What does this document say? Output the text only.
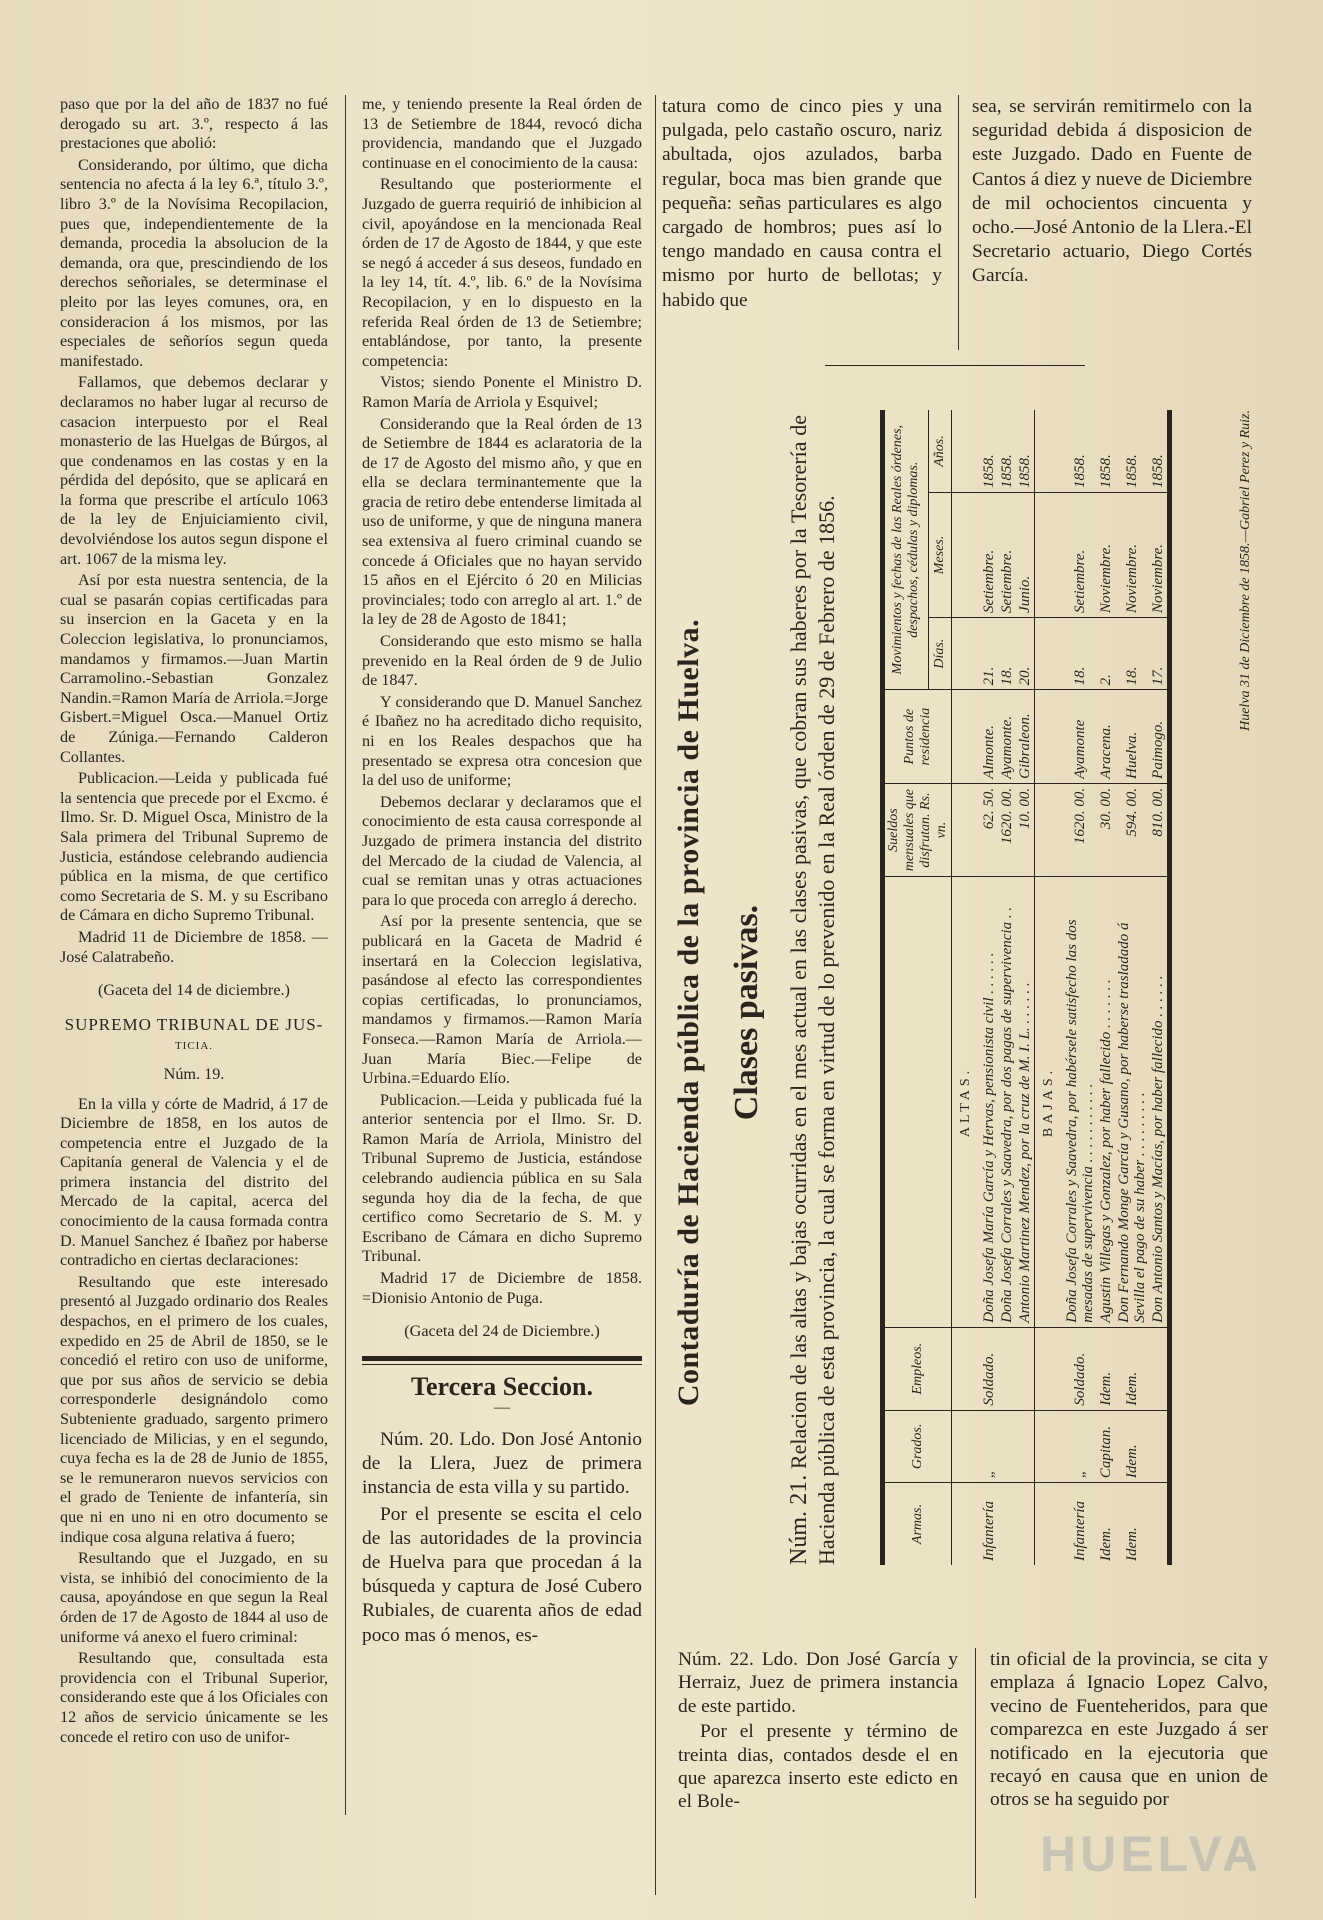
paso que por la del año de 1837 no fué derogado su art. 3.º, respecto á las prestaciones que abolió:

Considerando, por último, que dicha sentencia no afecta á la ley 6.ª, título 3.º, libro 3.º de la Novísima Recopilacion, pues que, independientemente de la demanda, procedia la absolucion de la demanda, ora que, prescindiendo de los derechos señoriales, se determinase el pleito por las leyes comunes, ora, en consideracion á los mismos, por las especiales de señoríos segun queda manifestado.

Fallamos, que debemos declarar y declaramos no haber lugar al recurso de casacion interpuesto por el Real monasterio de las Huelgas de Búrgos, al que condenamos en las costas y en la pérdida del depósito, que se aplicará en la forma que prescribe el artículo 1063 de la ley de Enjuiciamiento civil, devolviéndose los autos segun dispone el art. 1067 de la misma ley.

Así por esta nuestra sentencia, de la cual se pasarán copias certificadas para su insercion en la Gaceta y en la Coleccion legislativa, lo pronunciamos, mandamos y firmamos.—Juan Martin Carramolino.-Sebastian Gonzalez Nandin.=Ramon María de Arriola.=Jorge Gisbert.=Miguel Osca.—Manuel Ortiz de Zúniga.—Fernando Calderon Collantes.

Publicacion.—Leida y publicada fué la sentencia que precede por el Excmo. é Ilmo. Sr. D. Miguel Osca, Ministro de la Sala primera del Tribunal Supremo de Justicia, estándose celebrando audiencia pública en la misma, de que certifico como Secretaria de S. M. y su Escribano de Cámara en dicho Supremo Tribunal.

Madrid 11 de Diciembre de 1858. —José Calatrabeño.

(Gaceta del 14 de diciembre.)

SUPREMO TRIBUNAL DE JUS-
TICIA.

Núm. 19.

En la villa y córte de Madrid, á 17 de Diciembre de 1858, en los autos de competencia entre el Juzgado de la Capitanía general de Valencia y el de primera instancia del distrito del Mercado de la capital, acerca del conocimiento de la causa formada contra D. Manuel Sanchez é Ibañez por haberse contradicho en ciertas declaraciones:

Resultando que este interesado presentó al Juzgado ordinario dos Reales despachos, en el primero de los cuales, expedido en 25 de Abril de 1850, se le concedió el retiro con uso de uniforme, que por sus años de servicio se debia corresponderle designándolo como Subteniente graduado, sargento primero licenciado de Milicias, y en el segundo, cuya fecha es la de 28 de Junio de 1855, se le remuneraron nuevos servicios con el grado de Teniente de infantería, sin que ni en uno ni en otro documento se indique cosa alguna relativa á fuero;

Resultando que el Juzgado, en su vista, se inhibió del conocimiento de la causa, apoyándose en que segun la Real órden de 17 de Agosto de 1844 al uso de uniforme vá anexo el fuero criminal:

Resultando que, consultada esta providencia con el Tribunal Superior, considerando este que á los Oficiales con 12 años de servicio únicamente se les concede el retiro con uso de unifor-

me, y teniendo presente la Real órden de 13 de Setiembre de 1844, revocó dicha providencia, mandando que el Juzgado continuase en el conocimiento de la causa:

Resultando que posteriormente el Juzgado de guerra requirió de inhibicion al civil, apoyándose en la mencionada Real órden de 17 de Agosto de 1844, y que este se negó á acceder á sus deseos, fundado en la ley 14, tít. 4.º, lib. 6.º de la Novísima Recopilacion, y en lo dispuesto en la referida Real órden de 13 de Setiembre; entablándose, por tanto, la presente competencia:

Vistos; siendo Ponente el Ministro D. Ramon María de Arriola y Esquivel;

Considerando que la Real órden de 13 de Setiembre de 1844 es aclaratoria de la de 17 de Agosto del mismo año, y que en ella se declara terminantemente que la gracia de retiro debe entenderse limitada al uso de uniforme, y que de ninguna manera sea extensiva al fuero criminal cuando se concede á Oficiales que no hayan servido 15 años en el Ejército ó 20 en Milicias provinciales; todo con arreglo al art. 1.º de la ley de 28 de Agosto de 1841;

Considerando que esto mismo se halla prevenido en la Real órden de 9 de Julio de 1847.

Y considerando que D. Manuel Sanchez é Ibañez no ha acreditado dicho requisito, ni en los Reales despachos que ha presentado se expresa otra concesion que la del uso de uniforme;

Debemos declarar y declaramos que el conocimiento de esta causa corresponde al Juzgado de primera instancia del distrito del Mercado de la ciudad de Valencia, al cual se remitan unas y otras actuaciones para lo que proceda con arreglo á derecho.

Así por la presente sentencia, que se publicará en la Gaceta de Madrid é insertará en la Coleccion legislativa, pasándose al efecto las correspondientes copias certificadas, lo pronunciamos, mandamos y firmamos.—Ramon María Fonseca.—Ramon María de Arriola.—Juan María Biec.—Felipe de Urbina.=Eduardo Elío.

Publicacion.—Leida y publicada fué la anterior sentencia por el Ilmo. Sr. D. Ramon María de Arriola, Ministro del Tribunal Supremo de Justicia, estándose celebrando audiencia pública en su Sala segunda hoy dia de la fecha, de que certifico como Secretario de S. M. y Escribano de Cámara en dicho Supremo Tribunal.

Madrid 17 de Diciembre de 1858. =Dionisio Antonio de Puga.

(Gaceta del 24 de Diciembre.)

Tercera Seccion.

—

Núm. 20. Ldo. Don José Antonio de la Llera, Juez de primera instancia de esta villa y su partido.

Por el presente se escita el celo de las autoridades de la provincia de Huelva para que procedan á la búsqueda y captura de José Cubero Rubiales, de cuarenta años de edad poco mas ó menos, es-

tatura como de cinco pies y una pulgada, pelo castaño oscuro, nariz abultada, ojos azulados, barba regular, boca mas bien grande que pequeña: señas particulares es algo cargado de hombros; pues así lo tengo mandado en causa contra el mismo por hurto de bellotas; y habido que

sea, se servirán remitirmelo con la seguridad debida á disposicion de este Juzgado. Dado en Fuente de Cantos á diez y nueve de Diciembre de mil ochocientos cincuenta y ocho.—José Antonio de la Llera.-El Secretario actuario, Diego Cortés García.

Contaduría de Hacienda pública de la provincia de Huelva. Clases pasivas.
Núm. 21. Relacion de las altas y bajas ocurridas en el mes actual en las clases pasivas, que cobran sus haberes por la Tesorería de Hacienda pública de esta provincia, la cual se forma en virtud de lo prevenido en la Real órden de 29 de Febrero de 1856.	Armas.	Grados.	Empleos.		Sueldos mensuales que disfrutan. Rs. vn.	Puntos de residencia	Movimientos y fechas de las Reales órdenes, despachos, cédulas y diplomas.		
						Días.	Meses.	Años.
			ALTAS.					
Infantería	„	Soldado.	Doña Josefa María García y Hervas, pensionista civil . . . . . .	62. 50.	Almonte.	21.	Setiembre.	1858.
			Doña Josefa Corrales y Saavedra, por dos pagas de supervivencia . .	1620. 00.	Ayamonte.	18.	Setiembre.	1858.
			Antonio Martinez Mendez, por la cruz de M. I. L. . . . . . .	10. 00.	Gibraleon.	20.	Junio.	1858.
			BAJAS.					
Infantería	„	Soldado.	Doña Josefa Corrales y Saavedra, por habérsele satisfecho las dos mesadas de supervivencia . . . . . . . . . . .	1620. 00.	Ayamonte	18.	Setiembre.	1858.
Idem.	Capitan.	Idem.	Agustin Villegas y Gonzalez, por haber fallecido . . . . . . .	30. 00.	Aracena.	2.	Noviembre.	1858.
Idem.	Idem.	Idem.	Don Fernando Monge García y Gusano, por haberse trasladado á Sevilla el pago de su haber . . . . . . . . .	594. 00.	Huelva.	18.	Noviembre.	1858.
			Don Antonio Santos y Macías, por haber fallecido . . . . . .	810. 00.	Paimogo.	17.	Noviembre.	1858.	Huelva 31 de Diciembre de 1858.—Gabriel Perez y Ruiz.

Núm. 22. Ldo. Don José García y Herraiz, Juez de primera instancia de este partido.

Por el presente y término de treinta dias, contados desde el en que aparezca inserto este edicto en el Bole-

tin oficial de la provincia, se cita y emplaza á Ignacio Lopez Calvo, vecino de Fuenteheridos, para que comparezca en este Juzgado á ser notificado en la ejecutoria que recayó en causa que en union de otros se ha seguido por

HUELVA
